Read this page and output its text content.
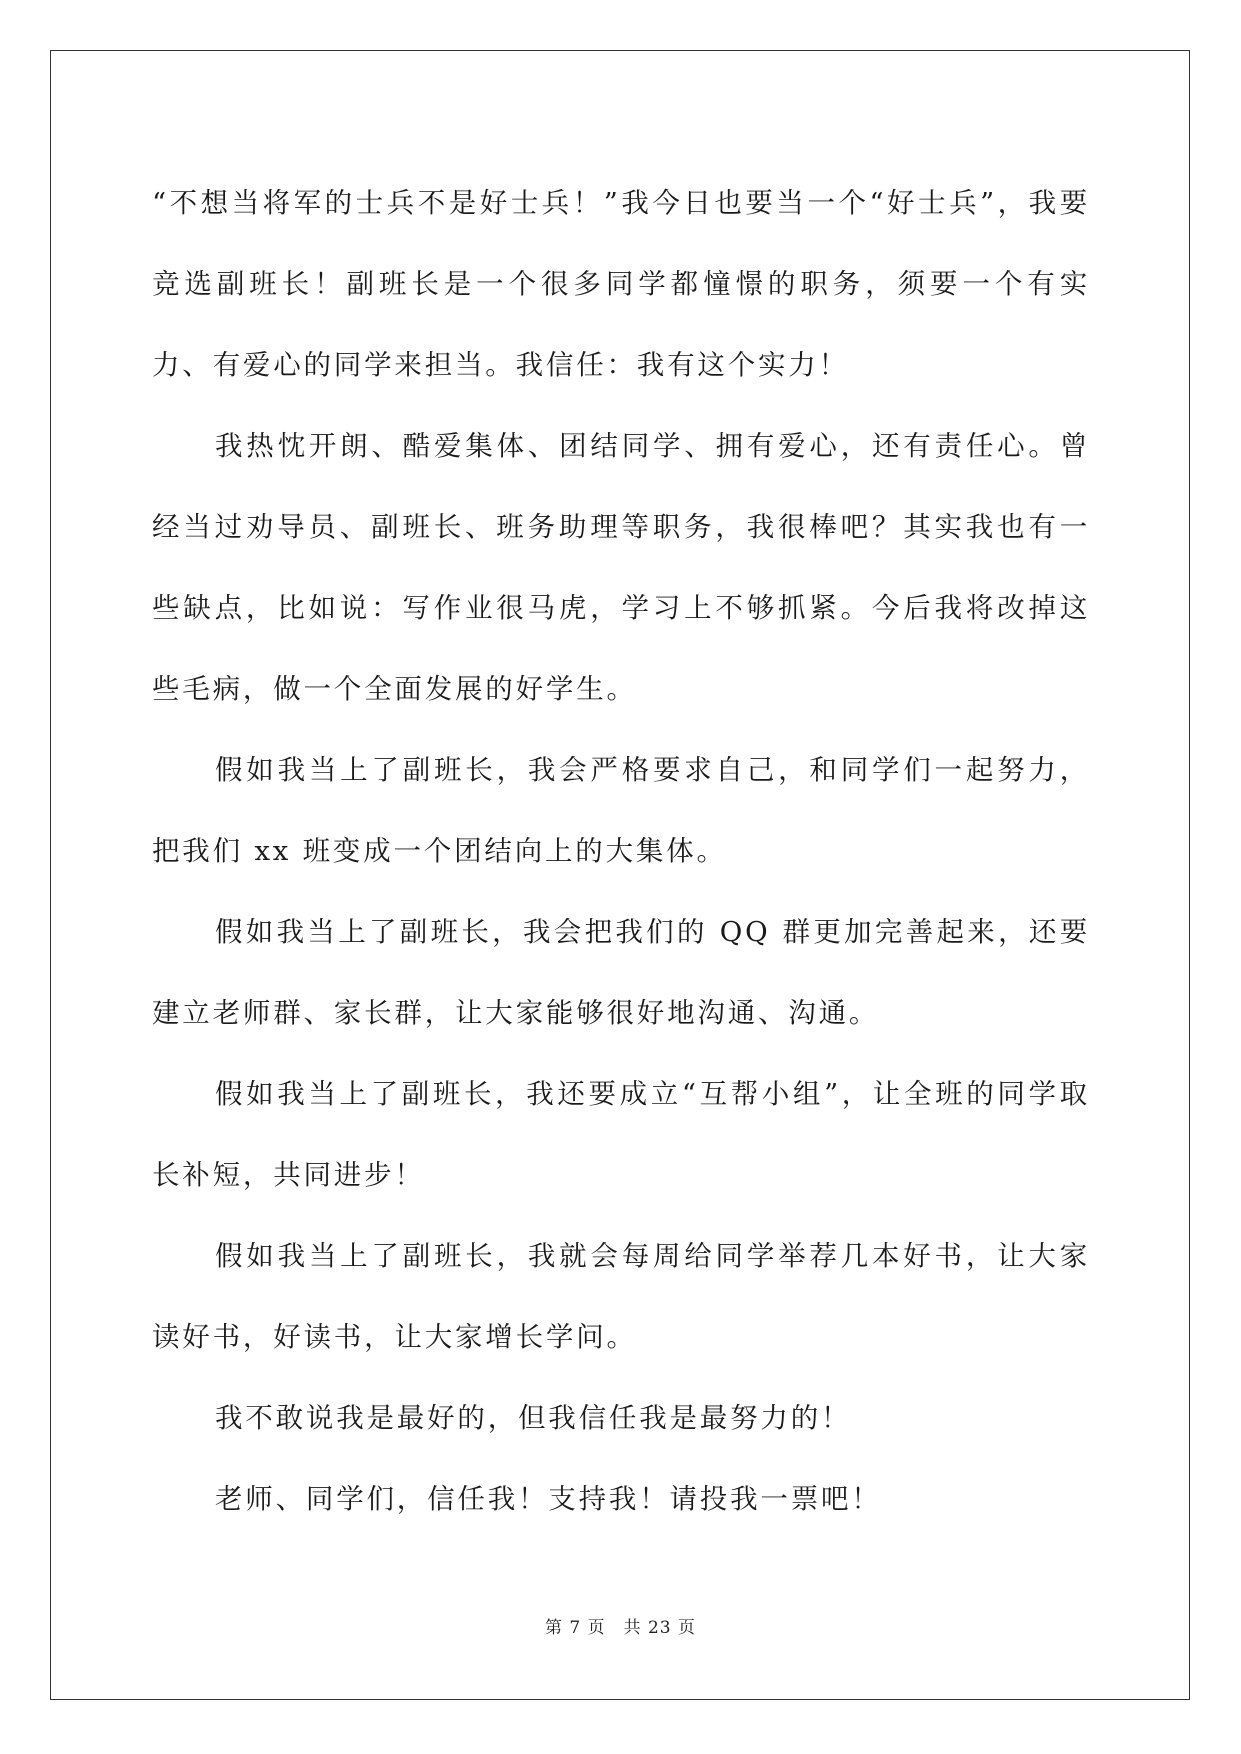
“不想当将军的士兵不是好士兵！”我今日也要当一个“好士兵”，我要竞选副班长！副班长是一个很多同学都憧憬的职务，须要一个有实力、有爱心的同学来担当。我信任：我有这个实力！

我热忱开朗、酷爱集体、团结同学、拥有爱心，还有责任心。曾经当过劝导员、副班长、班务助理等职务，我很棒吧？其实我也有一些缺点，比如说：写作业很马虎，学习上不够抓紧。今后我将改掉这些毛病，做一个全面发展的好学生。

假如我当上了副班长，我会严格要求自己，和同学们一起努力，把我们 xx 班变成一个团结向上的大集体。

假如我当上了副班长，我会把我们的 QQ 群更加完善起来，还要建立老师群、家长群，让大家能够很好地沟通、沟通。

假如我当上了副班长，我还要成立“互帮小组”，让全班的同学取长补短，共同进步！

假如我当上了副班长，我就会每周给同学举荐几本好书，让大家读好书，好读书，让大家增长学问。

我不敢说我是最好的，但我信任我是最努力的！

老师、同学们，信任我！支持我！请投我一票吧！

第 7 页 共 23 页
